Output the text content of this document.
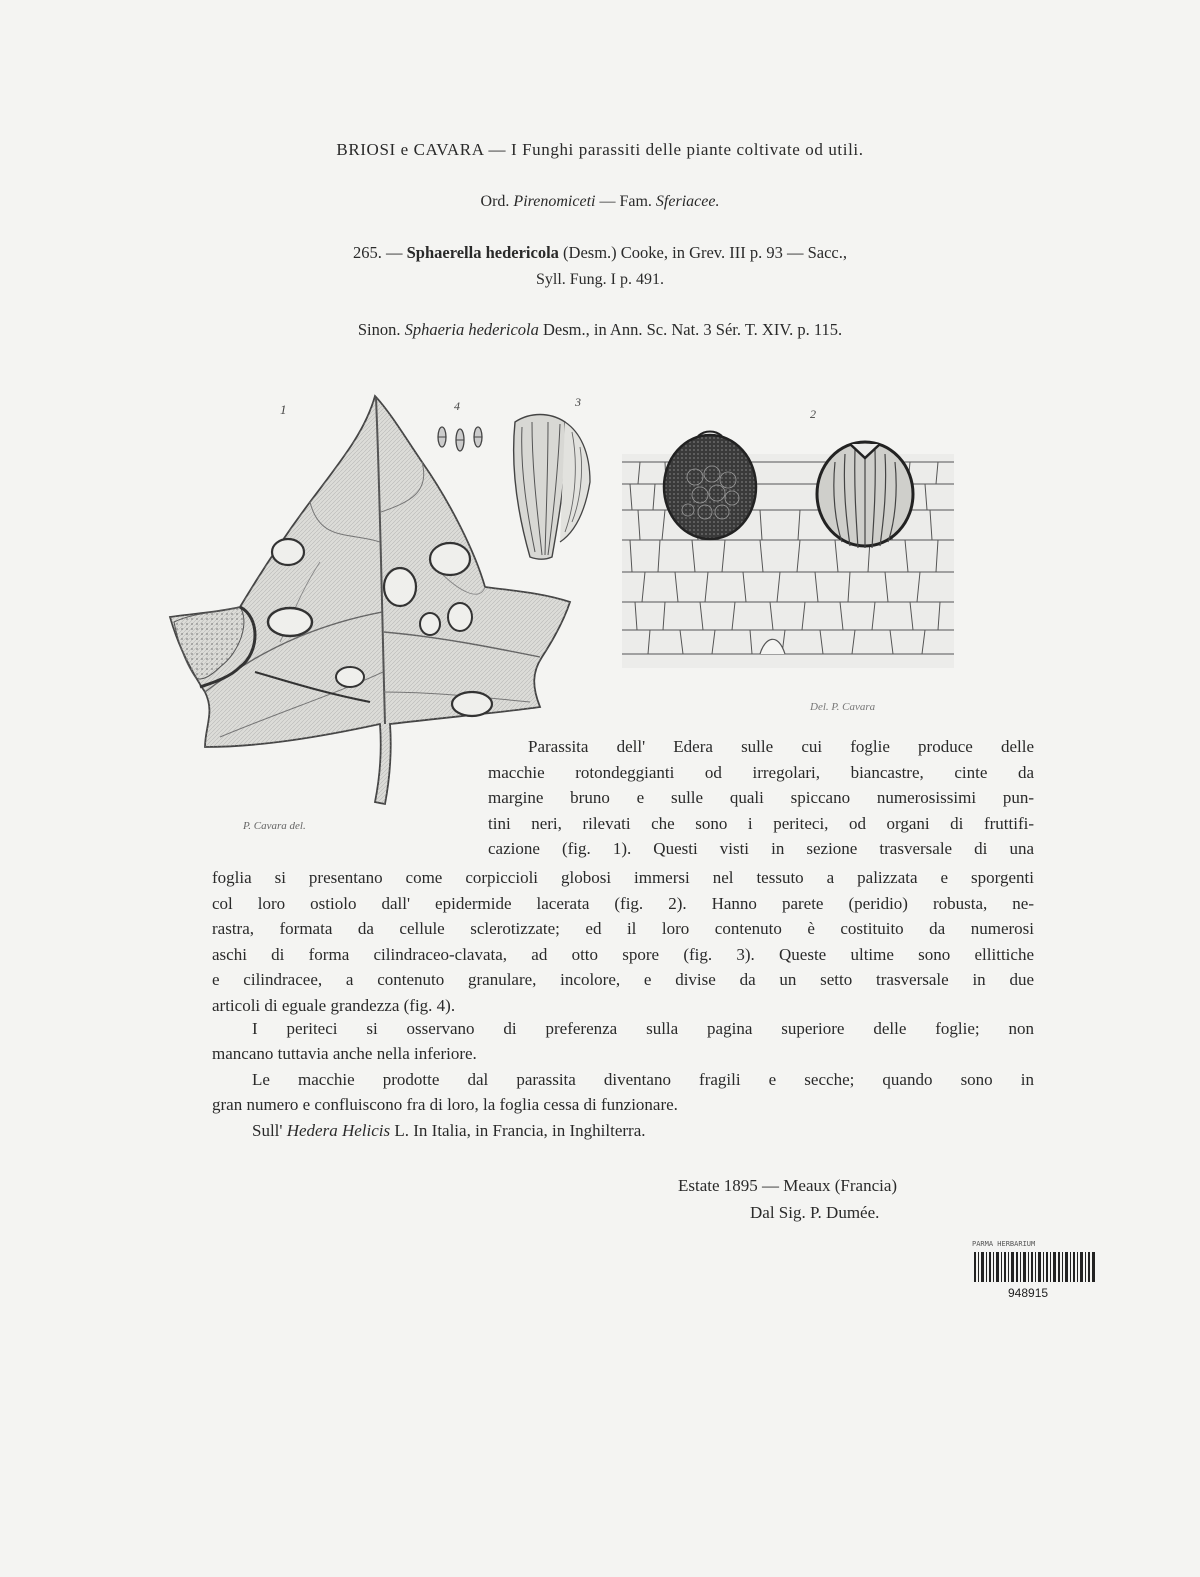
BRIOSI e CAVARA — I Funghi parassiti delle piante coltivate od utili.
Ord. Pirenomiceti — Fam. Sferiacee.
265. — Sphaerella hedericola (Desm.) Cooke, in Grev. III p. 93 — Sacc.,
Syll. Fung. I p. 491.
Sinon. Sphaeria hedericola Desm., in Ann. Sc. Nat. 3 Sér. T. XIV. p. 115.
1
P. Cavara del.
4	3
2
Del. P. Cavara
Parassita dell' Edera sulle cui foglie produce delle
macchie rotondeggianti od irregolari, biancastre, cinte da
margine bruno e sulle quali spiccano numerosissimi pun-
tini neri, rilevati che sono i periteci, od organi di fruttifi-
cazione (fig. 1). Questi visti in sezione trasversale di una
foglia si presentano come corpiccioli globosi immersi nel tessuto a palizzata e sporgenti
col loro ostiolo dall' epidermide lacerata (fig. 2). Hanno parete (peridio) robusta, ne-
rastra, formata da cellule sclerotizzate; ed il loro contenuto è costituito da numerosi
aschi di forma cilindraceo-clavata, ad otto spore (fig. 3). Queste ultime sono ellittiche
e cilindracee, a contenuto granulare, incolore, e divise da un setto trasversale in due
articoli di eguale grandezza (fig. 4).
I periteci si osservano di preferenza sulla pagina superiore delle foglie; non
mancano tuttavia anche nella inferiore.
Le macchie prodotte dal parassita diventano fragili e secche; quando sono in
gran numero e confluiscono fra di loro, la foglia cessa di funzionare.
Sull' Hedera Helicis L. In Italia, in Francia, in Inghilterra.
Estate 1895 — Meaux (Francia)
Dal Sig. P. Dumée.
PARMA HERBARIUM
948915
